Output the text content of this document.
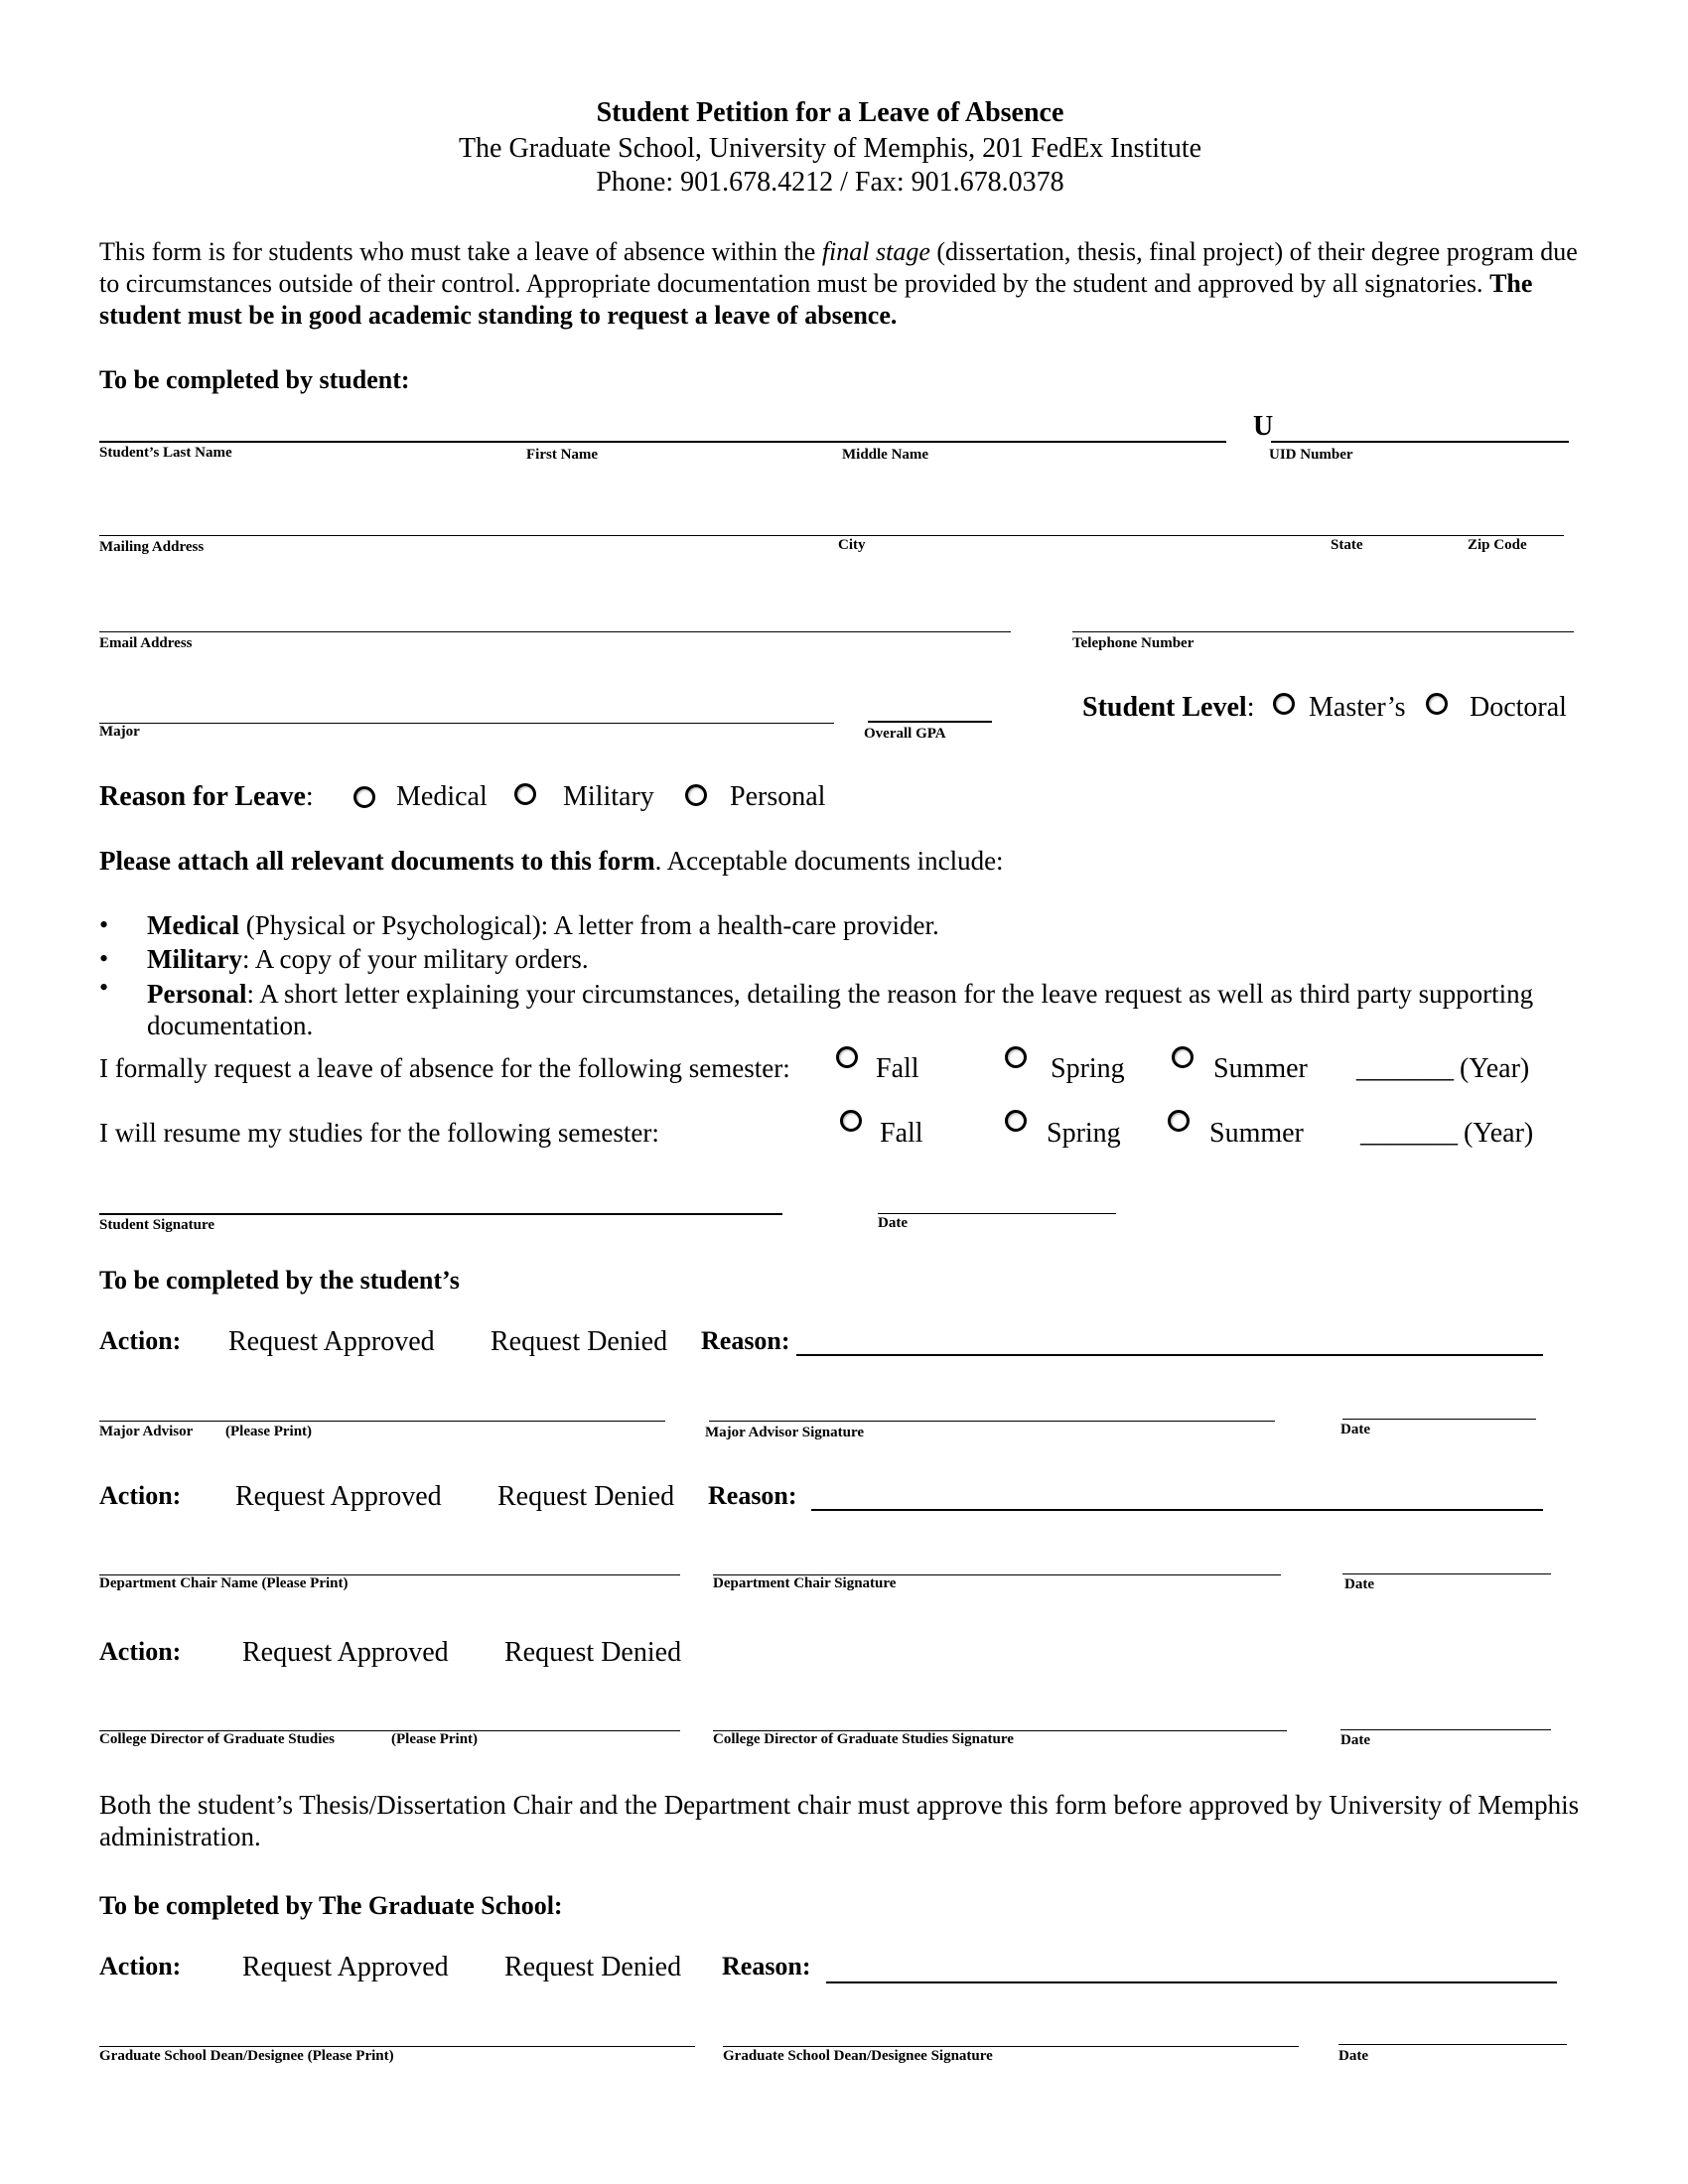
Student Petition for a Leave of Absence
The Graduate School, University of Memphis, 201 FedEx Institute
Phone: 901.678.4212 / Fax: 901.678.0378
This form is for students who must take a leave of absence within the final stage (dissertation, thesis, final project) of their degree program due to circumstances outside of their control. Appropriate documentation must be provided by the student and approved by all signatories. The student must be in good academic standing to request a leave of absence.
To be completed by student:
U
Student’s Last Name	First Name	Middle Name	UID Number
Mailing Address	City	State	Zip Code
Email Address	Telephone Number
Major	Overall GPA
Student Level: Master’s Doctoral
Reason for Leave:	Medical	Military	Personal
Please attach all relevant documents to this form. Acceptable documents include:
• Medical (Physical or Psychological): A letter from a health-care provider.
• Military: A copy of your military orders.
• Personal: A short letter explaining your circumstances, detailing the reason for the leave request as well as third party supporting documentation.
I formally request a leave of absence for the following semester:	Fall	Spring	Summer _______ (Year)
I will resume my studies for the following semester:	Fall	Spring	Summer _______ (Year)
Student Signature	Date
To be completed by the student’s
Action: Request Approved Request Denied Reason:
Major Advisor (Please Print)	Major Advisor Signature	Date
Action: Request Approved Request Denied Reason:
Department Chair Name (Please Print)	Department Chair Signature	Date
Action: Request Approved Request Denied
College Director of Graduate Studies	(Please Print)	College Director of Graduate Studies Signature	Date
Both the student’s Thesis/Dissertation Chair and the Department chair must approve this form before approved by University of Memphis administration.
To be completed by The Graduate School:
Action: Request Approved Request Denied Reason:
Graduate School Dean/Designee (Please Print)	Graduate School Dean/Designee Signature	Date
